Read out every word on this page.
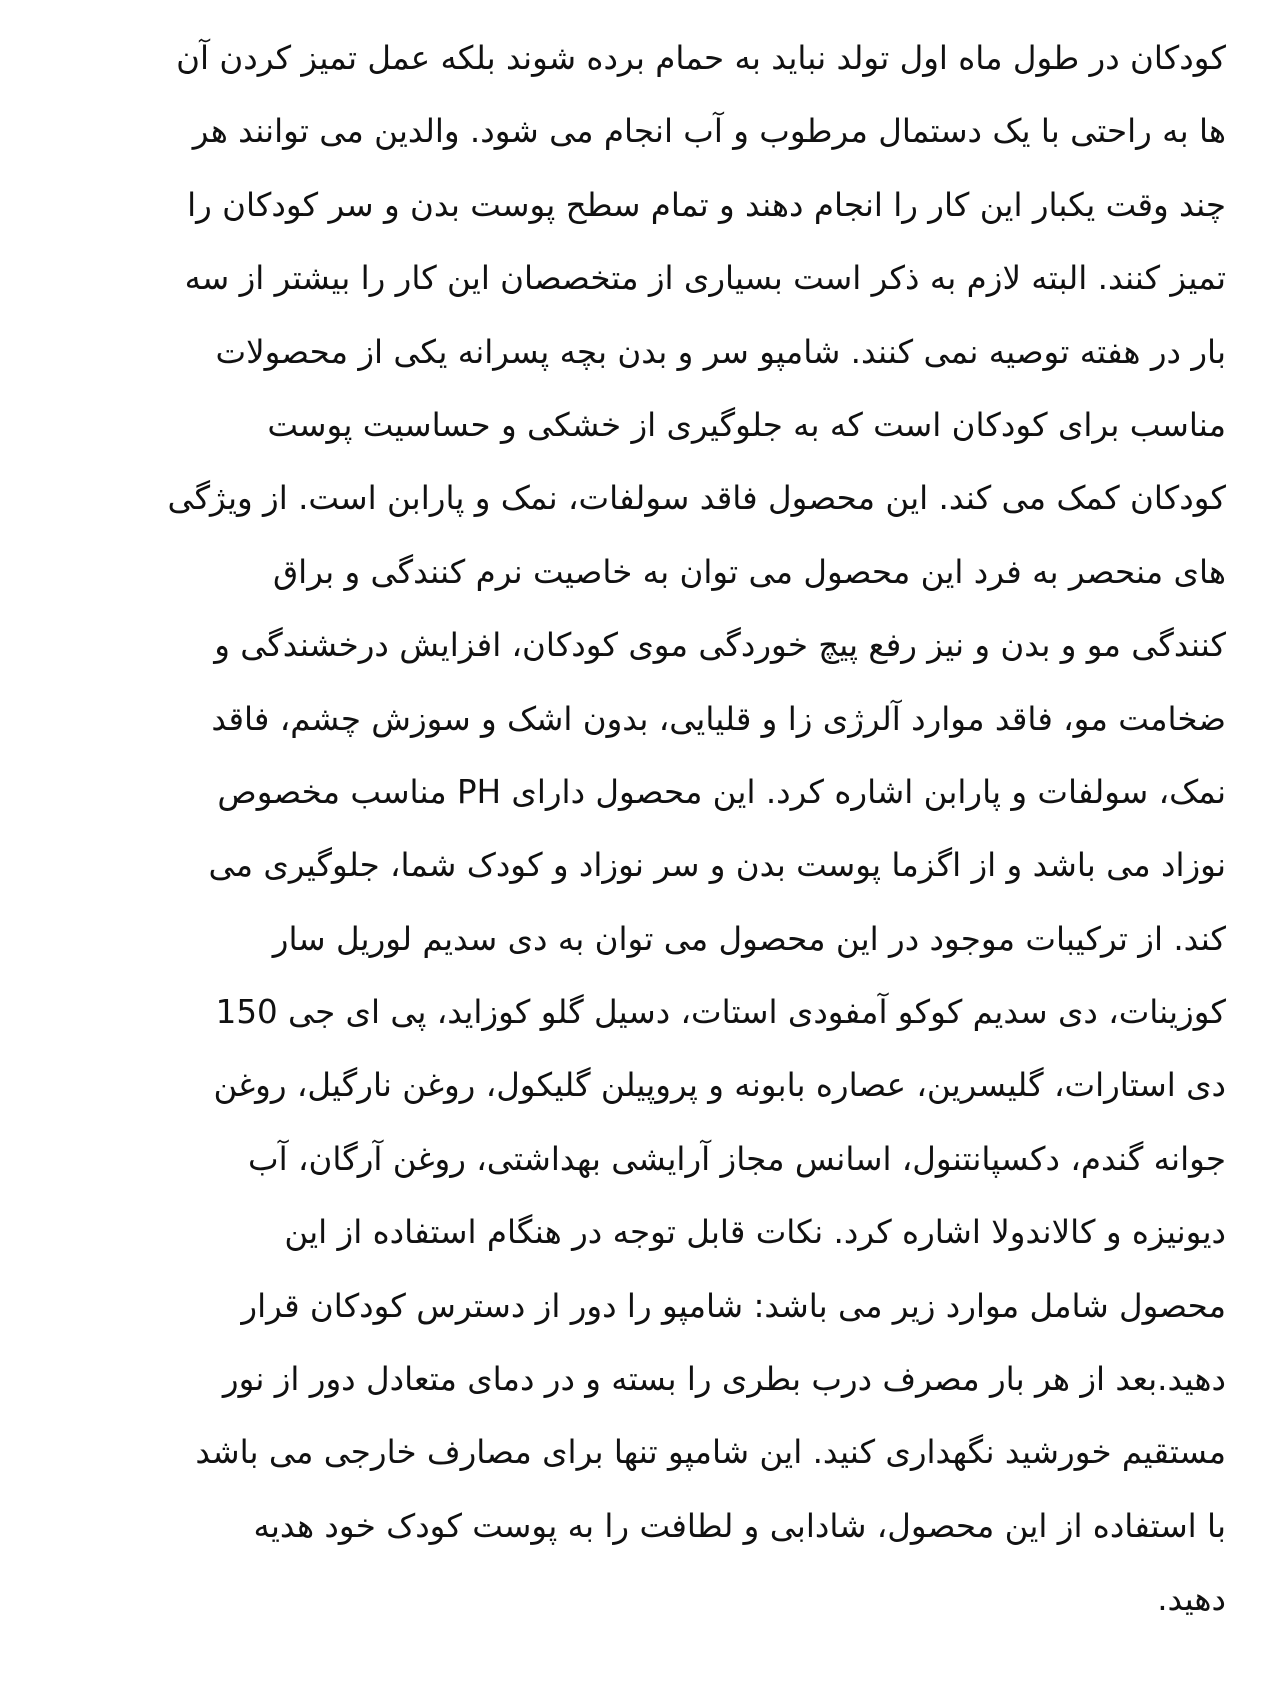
کودکان در طول ماه اول تولد نباید به حمام برده شوند بلکه عمل تمیز کردن آن
ها به راحتی با یک دستمال مرطوب و آب انجام می شود. والدین می توانند هر
چند وقت یکبار این کار را انجام دهند و تمام سطح پوست بدن و سر کودکان را
تمیز کنند. البته لازم به ذکر است بسیاری از متخصصان این کار را بیشتر از سه
بار در هفته توصیه نمی کنند. شامپو سر و بدن بچه پسرانه یکی از محصولات
مناسب برای کودکان است که به جلوگیری از خشکی و حساسیت پوست
کودکان کمک می کند. این محصول فاقد سولفات، نمک و پارابن است. از ویژگی
های منحصر به فرد این محصول می توان به خاصیت نرم کنندگی و براق
کنندگی مو و بدن و نیز رفع پیچ خوردگی موی کودکان، افزایش درخشندگی و
ضخامت مو، فاقد موارد آلرژی زا و قلیایی، بدون اشک و سوزش چشم، فاقد
نمک، سولفات و پارابن اشاره کرد. این محصول دارای PH مناسب مخصوص
نوزاد می باشد و از اگزما پوست بدن و سر نوزاد و کودک شما، جلوگیری می
کند. از ترکیبات موجود در این محصول می توان به دی سدیم لوریل سار
کوزینات، دی سدیم کوکو آمفودی استات، دسیل گلو کوزاید، پی ای جی 150
دی استارات، گلیسرین، عصاره بابونه و پروپیلن گلیکول، روغن نارگیل، روغن
جوانه گندم، دکسپانتنول، اسانس مجاز آرایشی بهداشتی، روغن آرگان، آب
دیونیزه و کالاندولا اشاره کرد. نکات قابل توجه در هنگام استفاده از این
محصول شامل موارد زیر می باشد: شامپو را دور از دسترس کودکان قرار
دهید.بعد از هر بار مصرف درب بطری را بسته و در دمای متعادل دور از نور
مستقیم خورشید نگهداری کنید. این شامپو تنها برای مصارف خارجی می باشد
با استفاده از این محصول، شادابی و لطافت را به پوست کودک خود هدیه
دهید.
